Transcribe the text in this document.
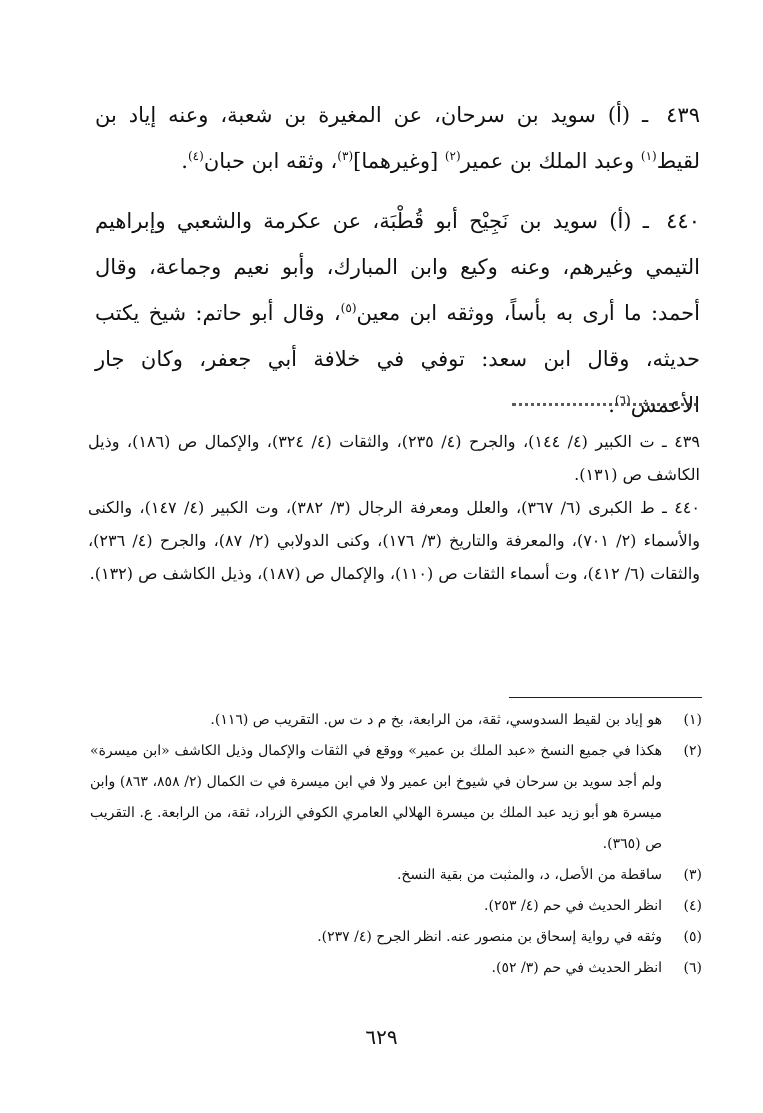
٤٣٩ ـ (أ) سويد بن سرحان، عن المغيرة بن شعبة، وعنه إياد بن لقيط$^{(١)}$ وعبد الملك بن عمير$^{(٢)}$ [وغيرهما]$^{(٣)}$، وثقه ابن حبان$^{(٤)}$.

٤٤٠ ـ (أ) سويد بن نَجِيْح أبو قُطْبَة، عن عكرمة والشعبي وإبراهيم التيمي وغيرهم، وعنه وكيع وابن المبارك، وأبو نعيم وجماعة، وقال أحمد: ما أرى به بأساً، ووثقه ابن معين$^{(٥)}$، وقال أبو حاتم: شيخ يكتب حديثه، وقال ابن سعد: توفي في خلافة أبي جعفر، وكان جار الأعمش$^{(٦)}$.

٤٣٩ ـ ت الكبير (٤/ ١٤٤)، والجرح (٤/ ٢٣٥)، والثقات (٤/ ٣٢٤)، والإكمال ص (١٨٦)، وذيل الكاشف ص (١٣١).

٤٤٠ ـ ط الكبرى (٦/ ٣٦٧)، والعلل ومعرفة الرجال (٣/ ٣٨٢)، وت الكبير (٤/ ١٤٧)، والكنى والأسماء (٢/ ٧٠١)، والمعرفة والتاريخ (٣/ ١٧٦)، وكنى الدولابي (٢/ ٨٧)، والجرح (٤/ ٢٣٦)، والثقات (٦/ ٤١٢)، وت أسماء الثقات ص (١١٠)، والإكمال ص (١٨٧)، وذيل الكاشف ص (١٣٢).

(١)
هو إياد بن لقيط السدوسي، ثقة، من الرابعة، بخ م د ت س. التقريب ص (١١٦).
(٢)
هكذا في جميع النسخ «عبد الملك بن عمير» ووقع في الثقات والإكمال وذيل الكاشف «ابن ميسرة» ولم أجد سويد بن سرحان في شيوخ ابن عمير ولا في ابن ميسرة في ت الكمال (٢/ ٨٥٨، ٨٦٣) وابن ميسرة هو أبو زيد عبد الملك بن ميسرة الهلالي العامري الكوفي الزراد، ثقة، من الرابعة. ع. التقريب ص (٣٦٥).
(٣)
ساقطة من الأصل، د، والمثبت من بقية النسخ.
(٤)
انظر الحديث في حم (٤/ ٢٥٣).
(٥)
وثقه في رواية إسحاق بن منصور عنه. انظر الجرح (٤/ ٢٣٧).
(٦)
انظر الحديث في حم (٣/ ٥٢).
٦٢٩
